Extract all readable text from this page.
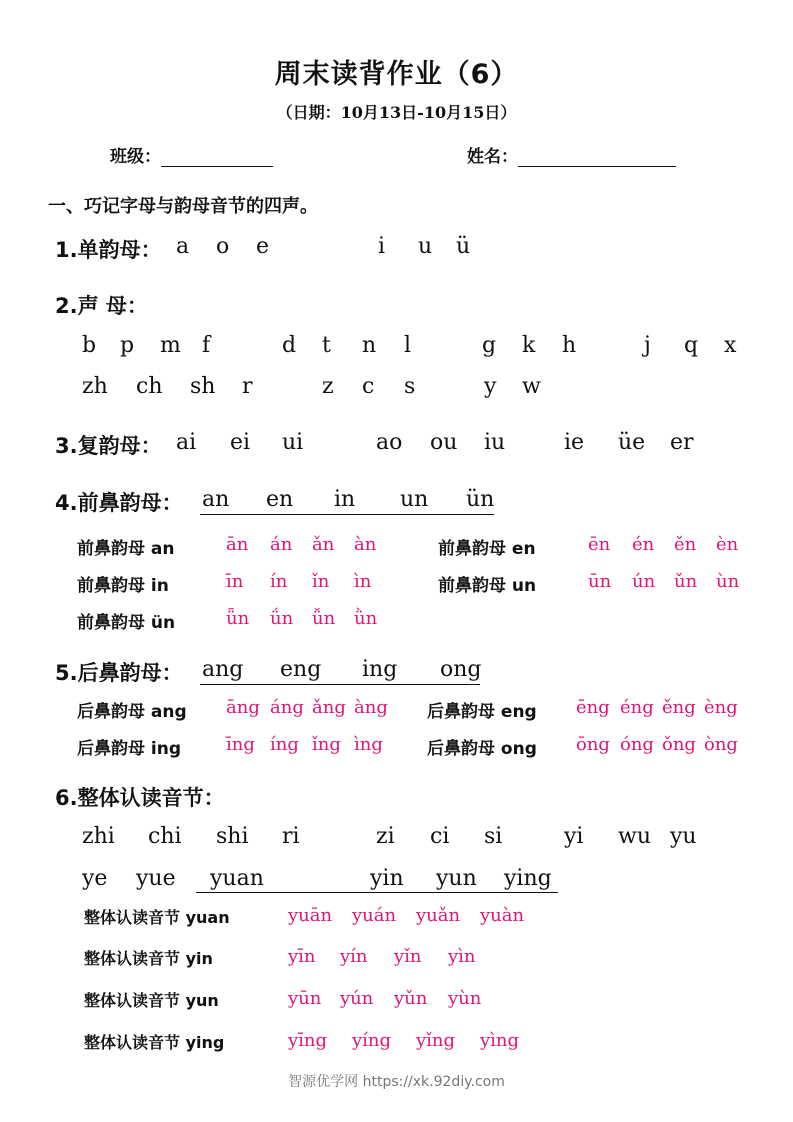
周末读背作业（6）
（日期：10月13日-10月15日）
班级：	姓名：
一、巧记字母与韵母音节的四声。
1.单韵母： a o e	i u ü
2.声 母：
b p m f	d t n l	g k h	j q x
zh ch sh r	z c s	y w
3.复韵母： ai ei ui	ao ou iu	ie üe er
4.前鼻韵母： an en in un ün
前鼻韵母 an	ān án ǎn àn	前鼻韵母 en	ēn én ěn èn
前鼻韵母 in	īn ín ǐn ìn	前鼻韵母 un	ūn ún ǔn ùn
前鼻韵母 ün	ǖn ǘn ǚn ǜn
5.后鼻韵母： ang eng ing ong
后鼻韵母 ang āng áng ǎng àng 后鼻韵母 eng ēng éng ěng èng
后鼻韵母 ing īng íng ǐng ìng	后鼻韵母 ong ōng óng ǒng òng
6.整体认读音节：
zhi chi shi ri	zi ci si	yi wu yu
ye yue yuan	yin yun ying
整体认读音节 yuan	yuān yuán yuǎn yuàn
整体认读音节 yin	yīn yín yǐn yìn
整体认读音节 yun	yūn yún yǔn yùn
整体认读音节 ying	yīng yíng yǐng yìng
智源优学网 https://xk.92diy.com
